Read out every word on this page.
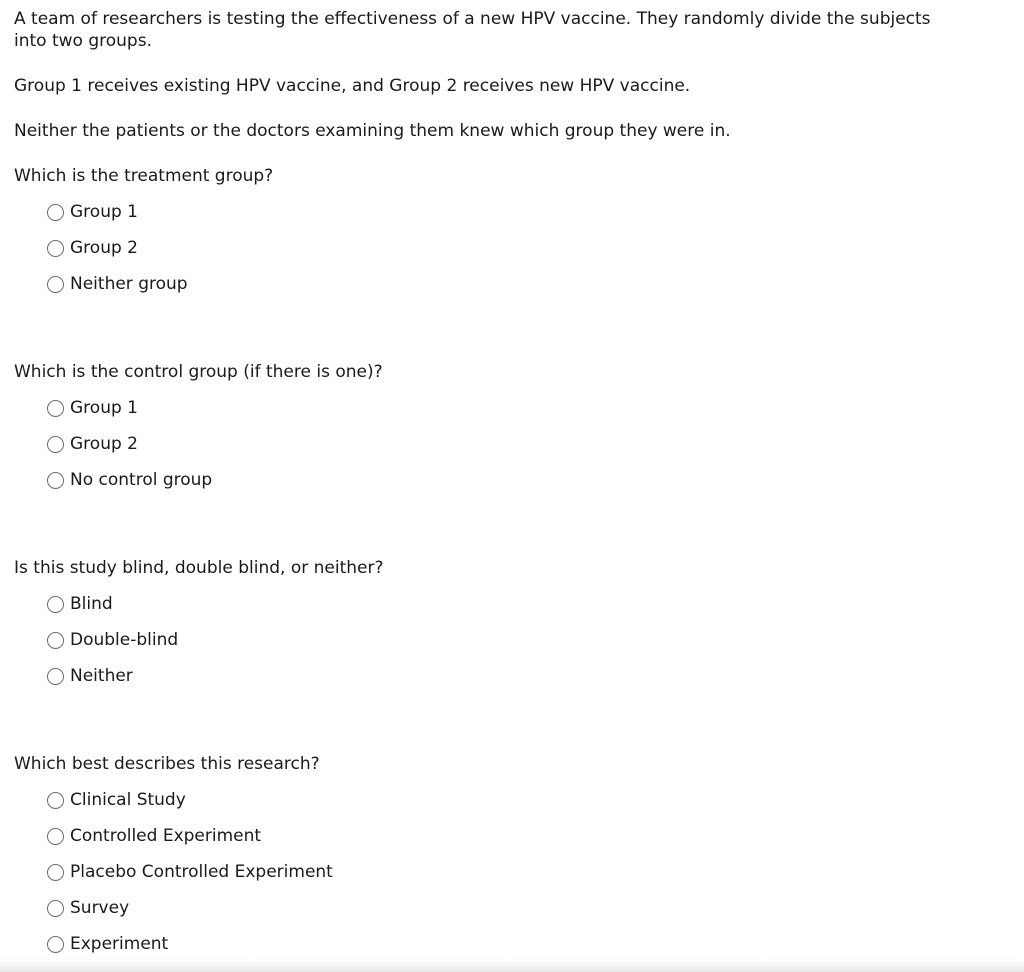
A team of researchers is testing the effectiveness of a new HPV vaccine. They randomly divide the subjects into two groups.

Group 1 receives existing HPV vaccine, and Group 2 receives new HPV vaccine.

Neither the patients or the doctors examining them knew which group they were in.

Which is the treatment group?

Group 1
Group 2
Neither group

Which is the control group (if there is one)?

Group 1
Group 2
No control group

Is this study blind, double blind, or neither?

Blind
Double-blind
Neither

Which best describes this research?

Clinical Study
Controlled Experiment
Placebo Controlled Experiment
Survey
Experiment
